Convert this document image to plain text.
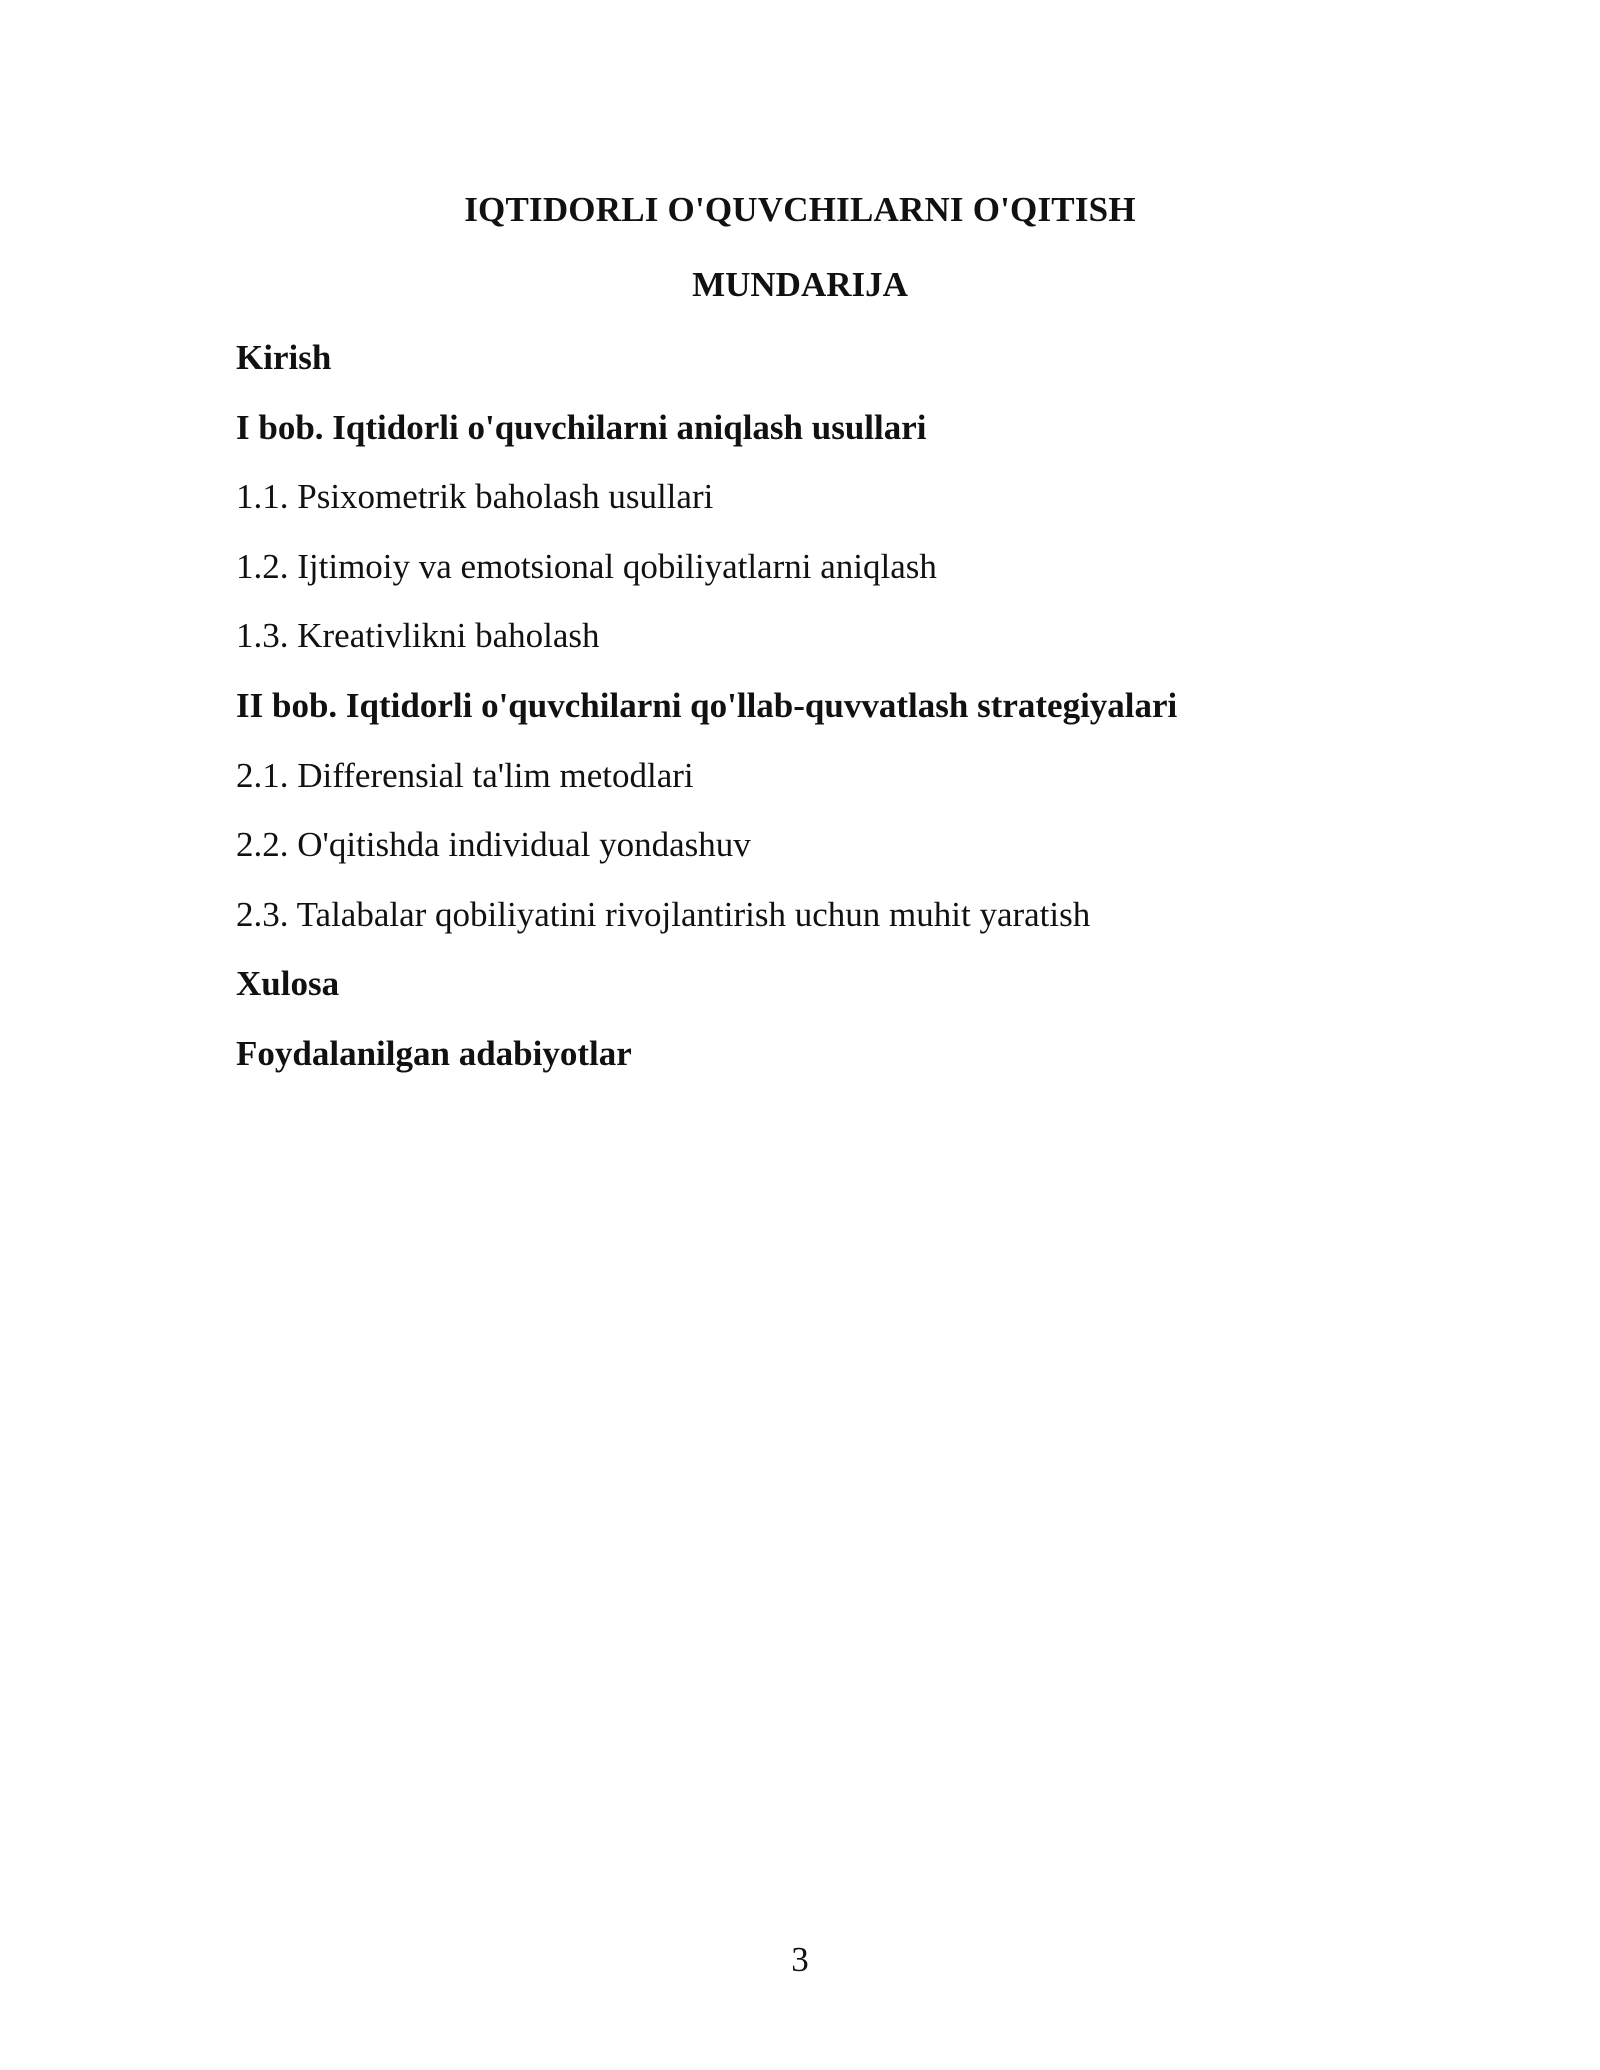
IQTIDORLI O'QUVCHILARNI O'QITISH
MUNDARIJA
Kirish
I bob. Iqtidorli o'quvchilarni aniqlash usullari
1.1. Psixometrik baholash usullari
1.2. Ijtimoiy va emotsional qobiliyatlarni aniqlash
1.3. Kreativlikni baholash
II bob. Iqtidorli o'quvchilarni qo'llab-quvvatlash strategiyalari
2.1. Differensial ta'lim metodlari
2.2. O'qitishda individual yondashuv
2.3. Talabalar qobiliyatini rivojlantirish uchun muhit yaratish
Xulosa
Foydalanilgan adabiyotlar
3
